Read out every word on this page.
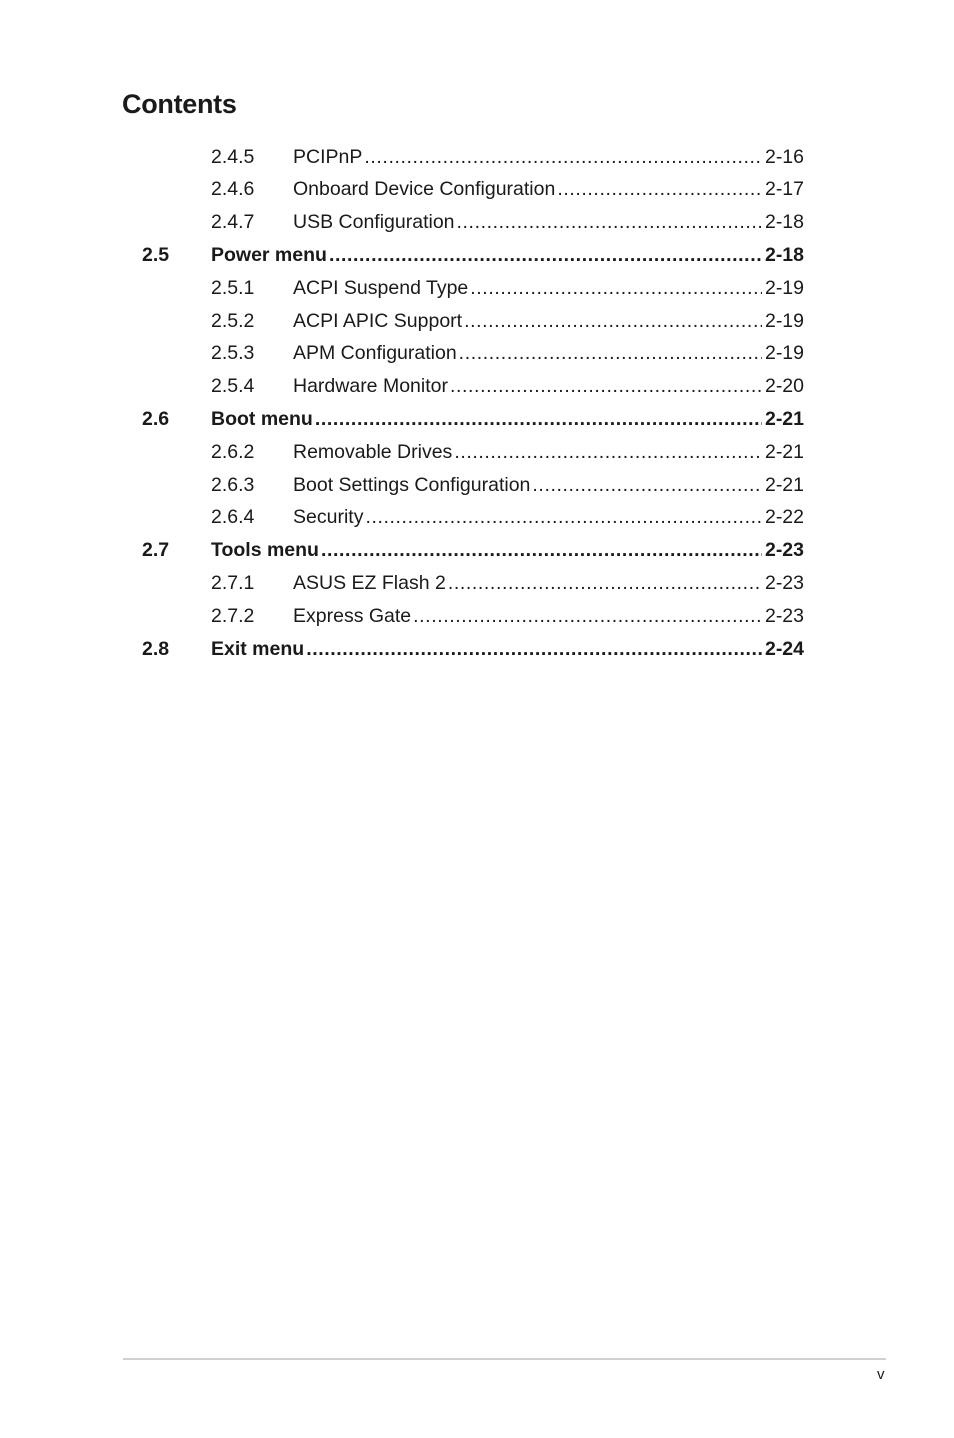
Contents
2.4.5 PCIPnP .....	2-16
2.4.6 Onboard Device Configuration .....	2-17
2.4.7 USB Configuration .....	2-18
2.5 Power menu .....	2-18
2.5.1 ACPI Suspend Type .....	2-19
2.5.2 ACPI APIC Support .....	2-19
2.5.3 APM Configuration .....	2-19
2.5.4 Hardware Monitor .....	2-20
2.6 Boot menu .....	2-21
2.6.2 Removable Drives .....	2-21
2.6.3 Boot Settings Configuration .....	2-21
2.6.4 Security .....	2-22
2.7 Tools menu .....	2-23
2.7.1 ASUS EZ Flash 2 .....	2-23
2.7.2 Express Gate .....	2-23
2.8 Exit menu .....	2-24
v
